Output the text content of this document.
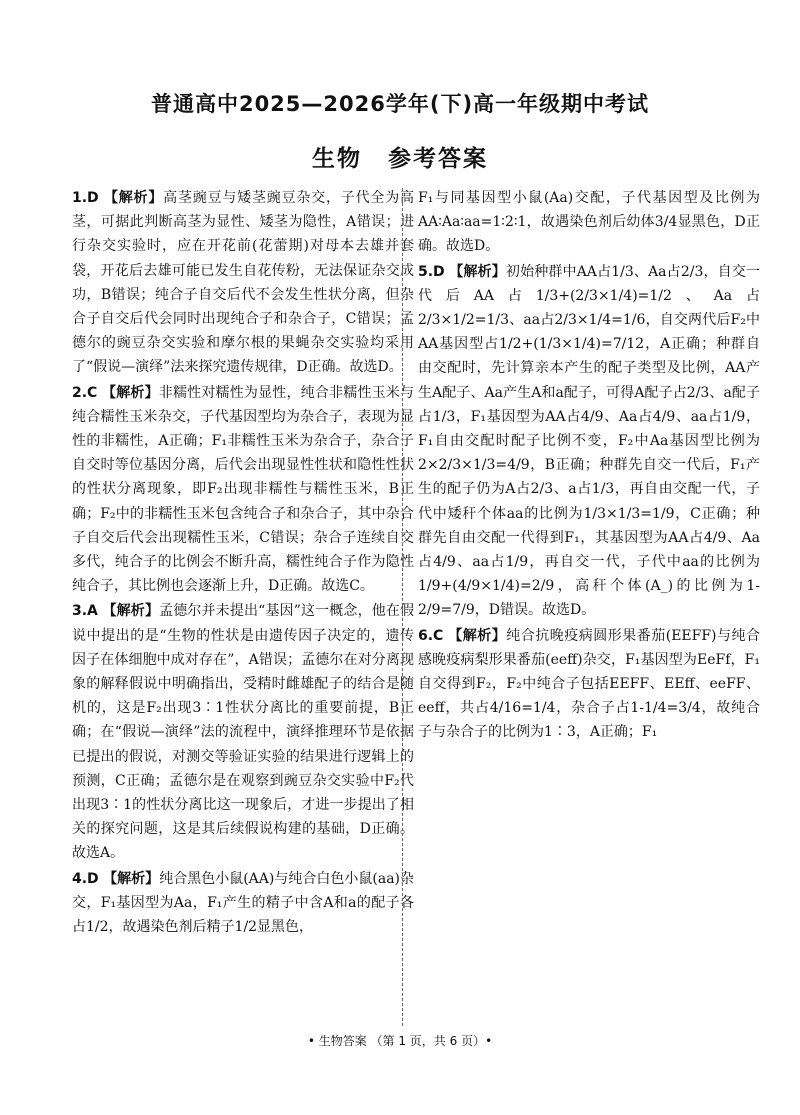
普通高中2025—2026学年(下)高一年级期中考试
生物 参考答案
1.D 【解析】高茎豌豆与矮茎豌豆杂交，子代全为高茎，可据此判断高茎为显性、矮茎为隐性，A错误；进行杂交实验时，应在开花前(花蕾期)对母本去雄并套袋，开花后去雄可能已发生自花传粉，无法保证杂交成功，B错误；纯合子自交后代不会发生性状分离，但杂合子自交后代会同时出现纯合子和杂合子，C错误；孟德尔的豌豆杂交实验和摩尔根的果蝇杂交实验均采用了“假说—演绎”法来探究遗传规律，D正确。故选D。
2.C 【解析】非糯性对糯性为显性，纯合非糯性玉米与纯合糯性玉米杂交，子代基因型均为杂合子，表现为显性的非糯性，A正确；F₁非糯性玉米为杂合子，杂合子自交时等位基因分离，后代会出现显性性状和隐性性状的性状分离现象，即F₂出现非糯性与糯性玉米，B正确；F₂中的非糯性玉米包含纯合子和杂合子，其中杂合子自交后代会出现糯性玉米，C错误；杂合子连续自交多代，纯合子的比例会不断升高，糯性纯合子作为隐性纯合子，其比例也会逐渐上升，D正确。故选C。
3.A 【解析】孟德尔并未提出“基因”这一概念，他在假说中提出的是“生物的性状是由遗传因子决定的，遗传因子在体细胞中成对存在”，A错误；孟德尔在对分离现象的解释假说中明确指出，受精时雌雄配子的结合是随机的，这是F₂出现3∶1性状分离比的重要前提，B正确；在“假说—演绎”法的流程中，演绎推理环节是依据已提出的假说，对测交等验证实验的结果进行逻辑上的预测，C正确；孟德尔是在观察到豌豆杂交实验中F₂代出现3∶1的性状分离比这一现象后，才进一步提出了相关的探究问题，这是其后续假说构建的基础，D正确。故选A。
4.D 【解析】纯合黑色小鼠(AA)与纯合白色小鼠(aa)杂交，F₁基因型为Aa，F₁产生的精子中含A和a的配子各占1/2，故遇染色剂后精子1/2显黑色，
F₁与同基因型小鼠(Aa)交配，子代基因型及比例为AA∶Aa∶aa=1∶2∶1，故遇染色剂后幼体3/4显黑色，D正确。故选D。
5.D 【解析】初始种群中AA占1/3、Aa占2/3，自交一代后AA占1/3+(2/3×1/4)=1/2、Aa占2/3×1/2=1/3、aa占2/3×1/4=1/6，自交两代后F₂中AA基因型占1/2+(1/3×1/4)=7/12，A正确；种群自由交配时，先计算亲本产生的配子类型及比例，AA产生A配子、Aa产生A和a配子，可得A配子占2/3、a配子占1/3，F₁基因型为AA占4/9、Aa占4/9、aa占1/9，F₁自由交配时配子比例不变，F₂中Aa基因型比例为2×2/3×1/3=4/9，B正确；种群先自交一代后，F₁产生的配子仍为A占2/3、a占1/3，再自由交配一代，子代中矮秆个体aa的比例为1/3×1/3=1/9，C正确；种群先自由交配一代得到F₁，其基因型为AA占4/9、Aa占4/9、aa占1/9，再自交一代，子代中aa的比例为1/9+(4/9×1/4)=2/9，高秆个体(A_)的比例为1-2/9=7/9，D错误。故选D。
6.C 【解析】纯合抗晚疫病圆形果番茄(EEFF)与纯合感晚疫病梨形果番茄(eeff)杂交，F₁基因型为EeFf，F₁自交得到F₂，F₂中纯合子包括EEFF、EEff、eeFF、eeff，共占4/16=1/4，杂合子占1-1/4=3/4，故纯合子与杂合子的比例为1∶3，A正确；F₁
• 生物答案 （第 1 页，共 6 页）•
